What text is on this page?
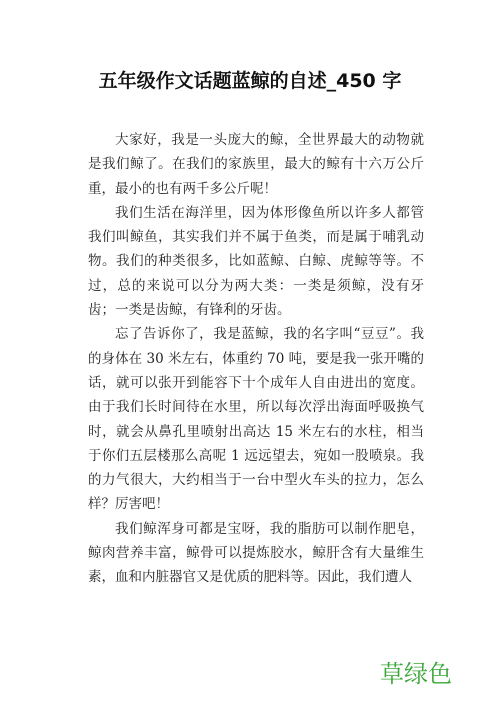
五年级作文话题蓝鲸的自述_450 字

大家好，我是一头庞大的鲸，全世界最大的动物就是我们鲸了。在我们的家族里，最大的鲸有十六万公斤重，最小的也有两千多公斤呢！

我们生活在海洋里，因为体形像鱼所以许多人都管我们叫鲸鱼，其实我们并不属于鱼类，而是属于哺乳动物。我们的种类很多，比如蓝鲸、白鲸、虎鲸等等。不过，总的来说可以分为两大类：一类是须鲸，没有牙齿；一类是齿鲸，有锋利的牙齿。

忘了告诉你了，我是蓝鲸，我的名字叫“豆豆”。我的身体在 30 米左右，体重约 70 吨，要是我一张开嘴的话，就可以张开到能容下十个成年人自由进出的宽度。由于我们长时间待在水里，所以每次浮出海面呼吸换气时，就会从鼻孔里喷射出高达 15 米左右的水柱，相当于你们五层楼那么高呢 1 远远望去，宛如一股喷泉。我的力气很大，大约相当于一台中型火车头的拉力，怎么样？厉害吧！

我们鲸浑身可都是宝呀，我的脂肪可以制作肥皂，鲸肉营养丰富，鲸骨可以提炼胶水，鲸肝含有大量维生素，血和内脏器官又是优质的肥料等。因此，我们遭人

草绿色
